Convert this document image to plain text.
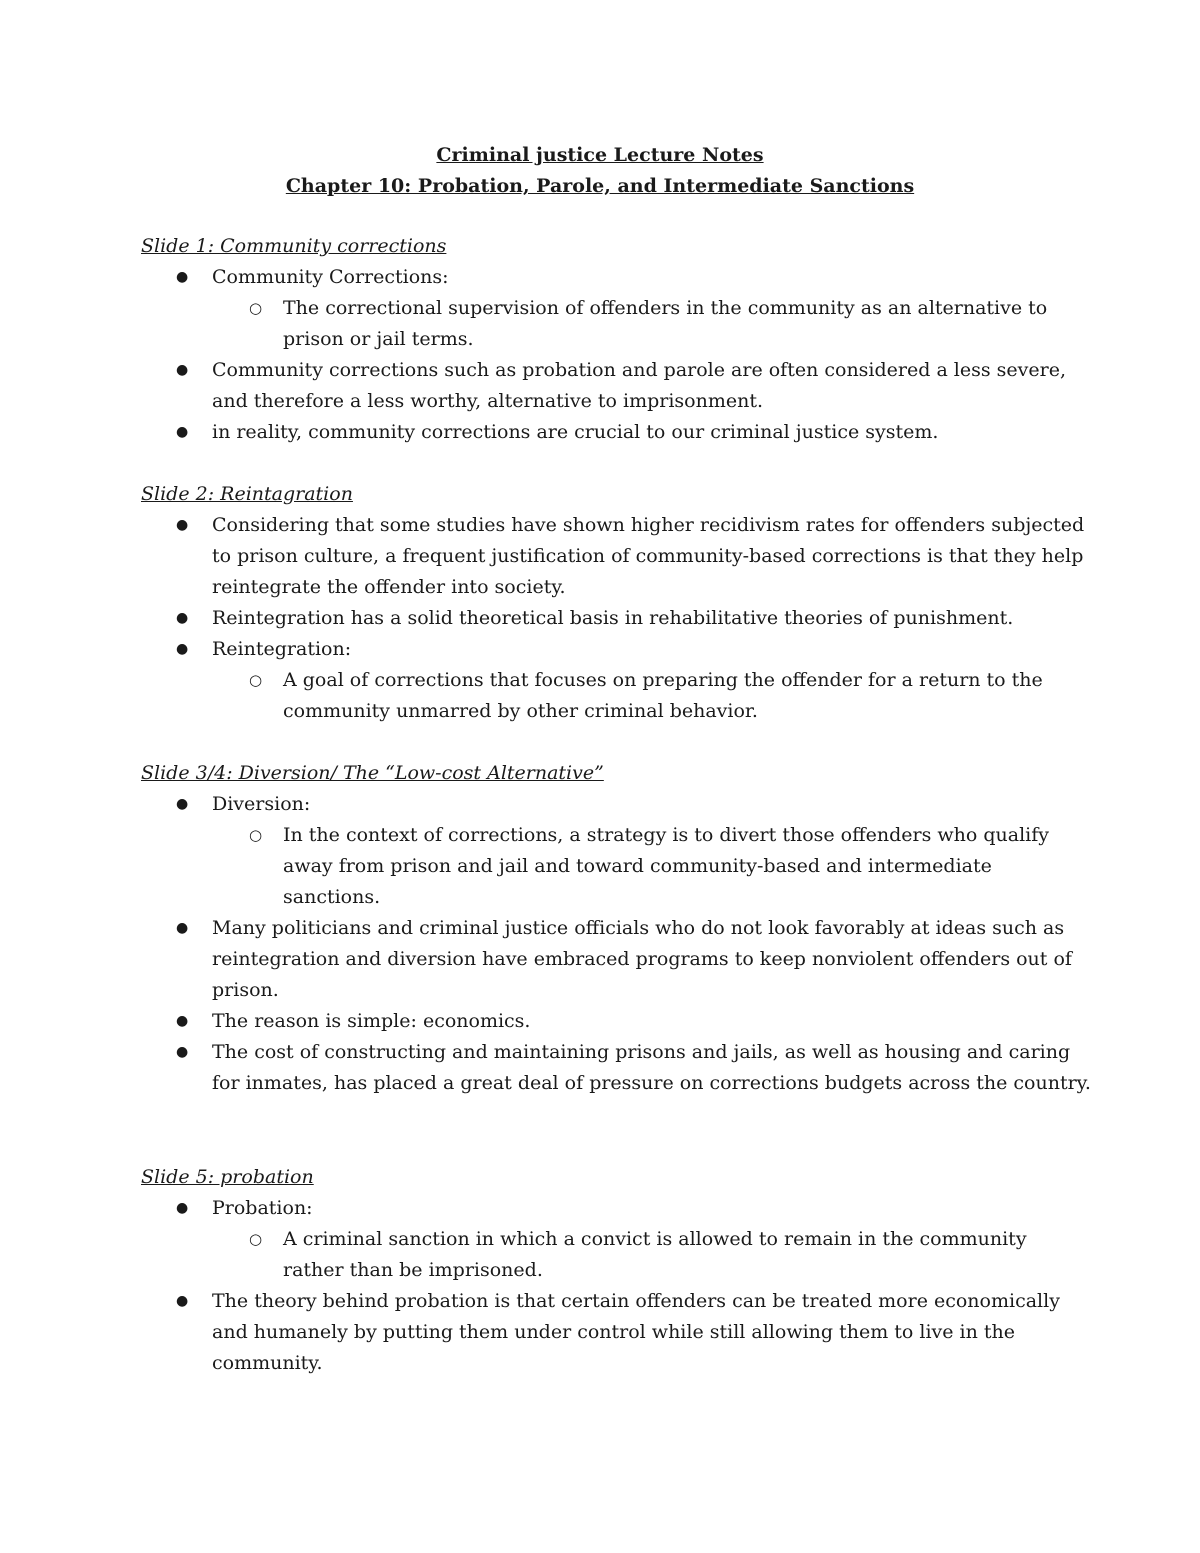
Criminal justice Lecture Notes
Chapter 10: Probation, Parole, and Intermediate Sanctions
Slide 1: Community corrections
● Community Corrections:
○ The correctional supervision of offenders in the community as an alternative to prison or jail terms.
● Community corrections such as probation and parole are often considered a less severe, and therefore a less worthy, alternative to imprisonment.
● in reality, community corrections are crucial to our criminal justice system.
Slide 2: Reintagration
● Considering that some studies have shown higher recidivism rates for offenders subjected to prison culture, a frequent justification of community-based corrections is that they help reintegrate the offender into society.
● Reintegration has a solid theoretical basis in rehabilitative theories of punishment.
● Reintegration:
○ A goal of corrections that focuses on preparing the offender for a return to the community unmarred by other criminal behavior.
Slide 3/4: Diversion/ The “Low-cost Alternative”
● Diversion:
○ In the context of corrections, a strategy is to divert those offenders who qualify away from prison and jail and toward community-based and intermediate sanctions.
● Many politicians and criminal justice officials who do not look favorably at ideas such as reintegration and diversion have embraced programs to keep nonviolent offenders out of prison.
● The reason is simple: economics.
● The cost of constructing and maintaining prisons and jails, as well as housing and caring for inmates, has placed a great deal of pressure on corrections budgets across the country.
Slide 5: probation
● Probation:
○ A criminal sanction in which a convict is allowed to remain in the community rather than be imprisoned.
● The theory behind probation is that certain offenders can be treated more economically and humanely by putting them under control while still allowing them to live in the community.
